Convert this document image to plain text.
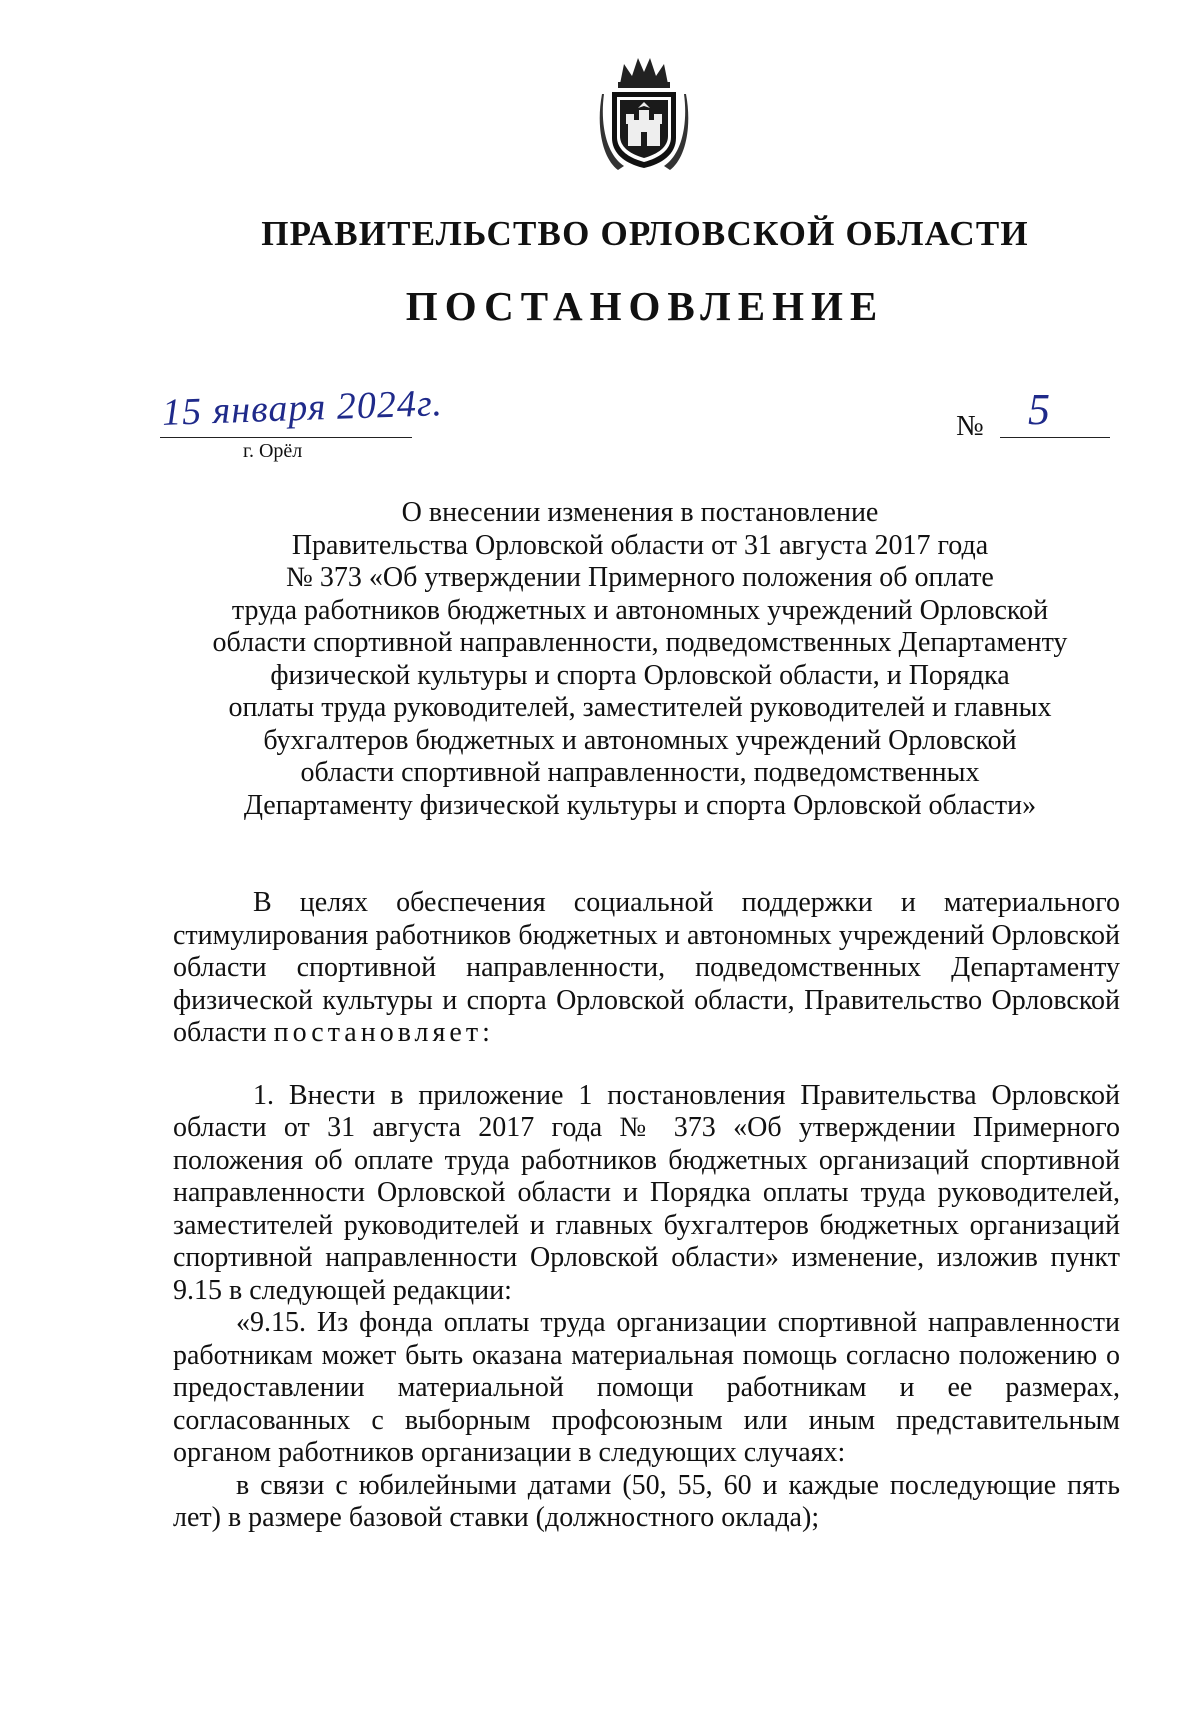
ПРАВИТЕЛЬСТВО ОРЛОВСКОЙ ОБЛАСТИ
ПОСТАНОВЛЕНИЕ
15 января 2024г.
г. Орёл
№ 5
О внесении изменения в постановление
Правительства Орловской области от 31 августа 2017 года
№ 373 «Об утверждении Примерного положения об оплате
труда работников бюджетных и автономных учреждений Орловской
области спортивной направленности, подведомственных Департаменту
физической культуры и спорта Орловской области, и Порядка
оплаты труда руководителей, заместителей руководителей и главных
бухгалтеров бюджетных и автономных учреждений Орловской
области спортивной направленности, подведомственных
Департаменту физической культуры и спорта Орловской области»

В целях обеспечения социальной поддержки и материального стимулирования работников бюджетных и автономных учреждений Орловской области спортивной направленности, подведомственных Департаменту физической культуры и спорта Орловской области, Правительство Орловской области постановляет:

1. Внести в приложение 1 постановления Правительства Орловской области от 31 августа 2017 года № 373 «Об утверждении Примерного положения об оплате труда работников бюджетных организаций спортивной направленности Орловской области и Порядка оплаты труда руководителей, заместителей руководителей и главных бухгалтеров бюджетных организаций спортивной направленности Орловской области» изменение, изложив пункт 9.15 в следующей редакции:

«9.15. Из фонда оплаты труда организации спортивной направленности работникам может быть оказана материальная помощь согласно положению о предоставлении материальной помощи работникам и ее размерах, согласованных с выборным профсоюзным или иным представительным органом работников организации в следующих случаях:

в связи с юбилейными датами (50, 55, 60 и каждые последующие пять лет) в размере базовой ставки (должностного оклада);
